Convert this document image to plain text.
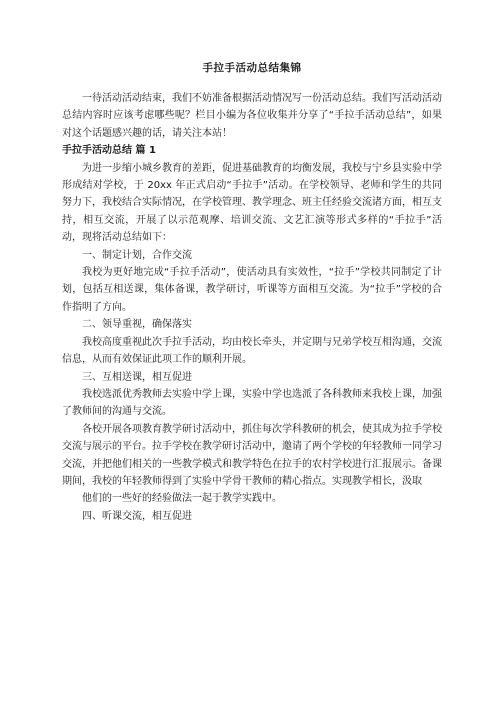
手拉手活动总结集锦

一待活动活动结束，我们不妨准备根据活动情况写一份活动总结。我们写活动活动总结内容时应该考虑哪些呢？栏目小编为各位收集并分享了“手拉手活动总结”，如果对这个话题感兴趣的话，请关注本站！

手拉手活动总结 篇 1

为进一步缩小城乡教育的差距，促进基础教育的均衡发展，我校与宁乡县实验中学形成结对学校，于 20xx 年正式启动“手拉手”活动。在学校领导、老师和学生的共同努力下，我校结合实际情况，在学校管理、教学理念、班主任经验交流诸方面，相互支持，相互交流，开展了以示范观摩、培训交流、文艺汇演等形式多样的“手拉手”活动，现将活动总结如下：

一、制定计划，合作交流

我校为更好地完成“手拉手活动”，使活动具有实效性，“拉手”学校共同制定了计划，包括互相送课，集体备课，教学研讨，听课等方面相互交流。为“拉手”学校的合作指明了方向。

二、领导重视，确保落实

我校高度重视此次手拉手活动，均由校长牵头，并定期与兄弟学校互相沟通，交流信息，从而有效保证此项工作的顺利开展。

三、互相送课，相互促进

我校选派优秀教师去实验中学上课，实验中学也选派了各科教师来我校上课，加强了教师间的沟通与交流。

各校开展各项教育教学研讨活动中，抓住每次学科教研的机会，使其成为拉手学校交流与展示的平台。拉手学校在教学研讨活动中，邀请了两个学校的年轻教师一同学习交流，并把他们相关的一些教学模式和教学特色在拉手的农村学校进行汇报展示。备课期间，我校的年轻教师得到了实验中学骨干教师的精心指点。实现教学相长，汲取

他们的一些好的经验做法一起于教学实践中。

四、听课交流，相互促进
